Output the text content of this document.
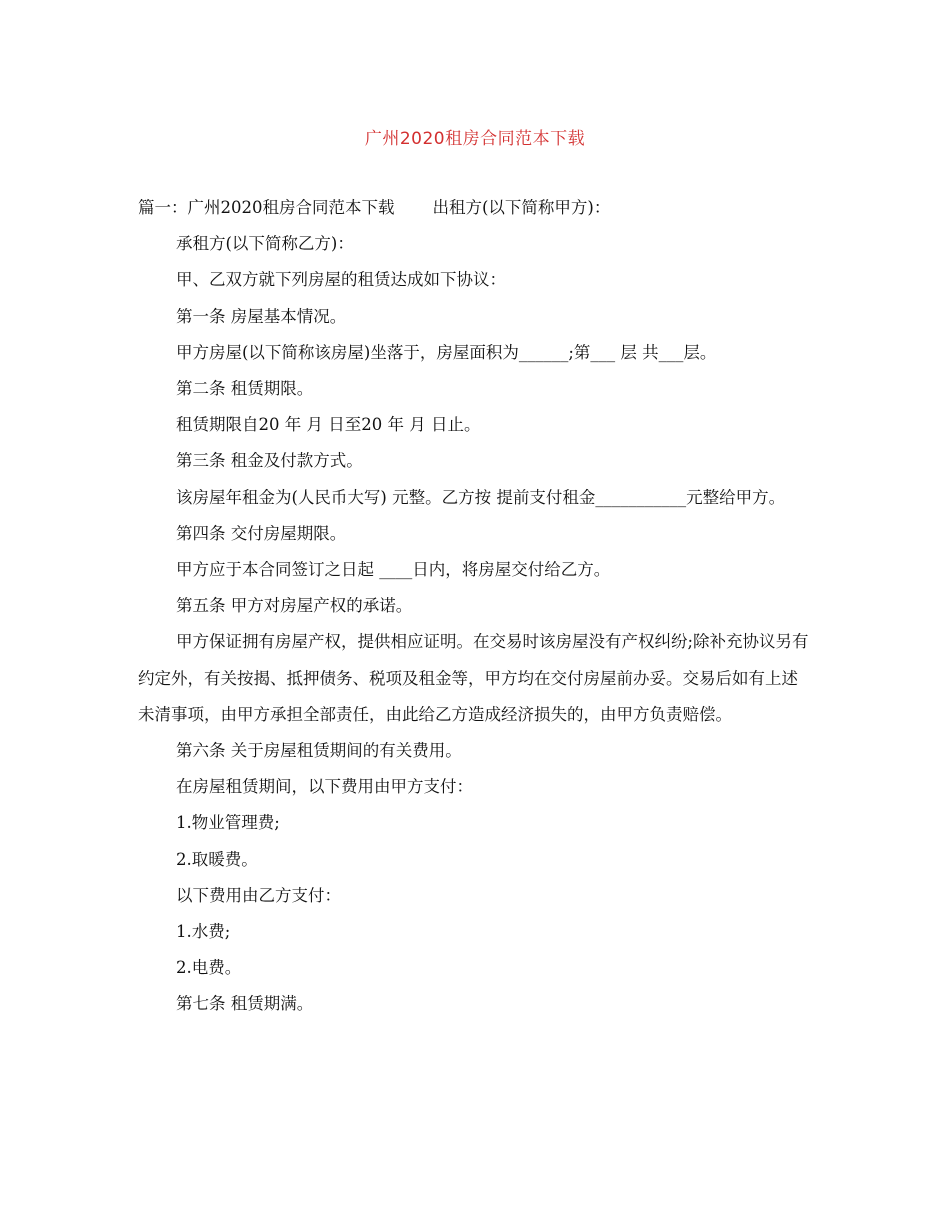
广州2020租房合同范本下载

篇一：广州2020租房合同范本下载 出租方(以下简称甲方)：

承租方(以下简称乙方)：

甲、乙双方就下列房屋的租赁达成如下协议：

第一条 房屋基本情况。

甲方房屋(以下简称该房屋)坐落于，房屋面积为______;第___ 层 共___层。

第二条 租赁期限。

租赁期限自20 年 月 日至20 年 月 日止。

第三条 租金及付款方式。

该房屋年租金为(人民币大写) 元整。乙方按 提前支付租金___________元整给甲方。

第四条 交付房屋期限。

甲方应于本合同签订之日起 ____日内，将房屋交付给乙方。

第五条 甲方对房屋产权的承诺。

甲方保证拥有房屋产权，提供相应证明。在交易时该房屋没有产权纠纷;除补充协议另有约定外，有关按揭、抵押债务、税项及租金等，甲方均在交付房屋前办妥。交易后如有上述未清事项，由甲方承担全部责任，由此给乙方造成经济损失的，由甲方负责赔偿。

第六条 关于房屋租赁期间的有关费用。

在房屋租赁期间，以下费用由甲方支付：

1.物业管理费;

2.取暖费。

以下费用由乙方支付：

1.水费;

2.电费。

第七条 租赁期满。
